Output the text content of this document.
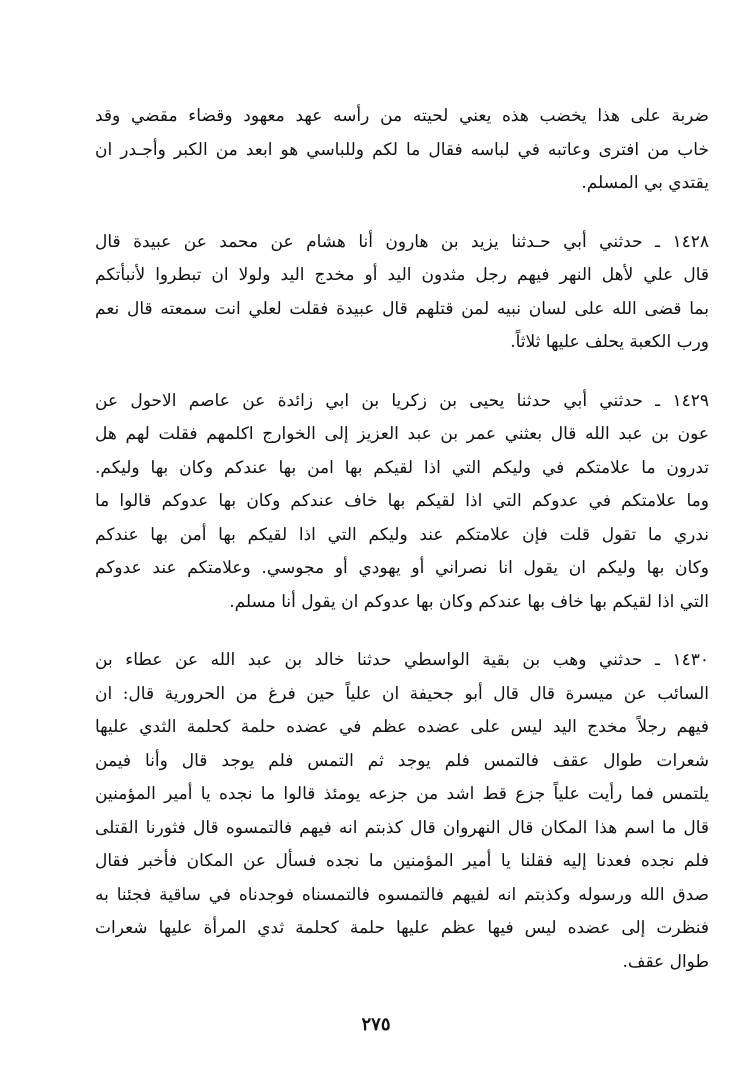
ضربة على هذا يخضب هذه يعني لحيته من رأسه عهد معهود وقضاء مقضي وقد
خاب من افترى وعاتبه في لباسه فقال ما لكم وللباسي هو ابعد من الكبر وأجـدر ان
يقتدي بي المسلم.
١٤٢٨ ـ حدثني أبي حـدثنا يزيد بن هارون أنا هشام عن محمد عن عبيدة قال
قال علي لأهل النهر فيهم رجل مثدون اليد أو مخدج اليد ولولا ان تبطروا لأنبأتكم
بما قضى الله على لسان نبيه لمن قتلهم قال عبيدة فقلت لعلي انت سمعته قال نعم
ورب الكعبة يحلف عليها ثلاثاً.
١٤٢٩ ـ حدثني أبي حدثنا يحيى بن زكريا بن ابي زائدة عن عاصم الاحول عن
عون بن عبد الله قال بعثني عمر بن عبد العزيز إلى الخوارج اكلمهم فقلت لهم هل
تدرون ما علامتكم في وليكم التي اذا لقيكم بها امن بها عندكم وكان بها وليكم.
وما علامتكم في عدوكم التي اذا لقيكم بها خاف عندكم وكان بها عدوكم قالوا ما
ندري ما تقول قلت فإن علامتكم عند وليكم التي اذا لقيكم بها أمن بها عندكم
وكان بها وليكم ان يقول انا نصراني أو يهودي أو مجوسي. وعلامتكم عند عدوكم
التي اذا لقيكم بها خاف بها عندكم وكان بها عدوكم ان يقول أنا مسلم.
١٤٣٠ ـ حدثني وهب بن بقية الواسطي حدثنا خالد بن عبد الله عن عطاء بن
السائب عن ميسرة قال قال أبو جحيفة ان علياً حين فرغ من الحرورية قال: ان
فيهم رجلاً مخدج اليد ليس على عضده عظم في عضده حلمة كحلمة الثدي عليها
شعرات طوال عقف فالتمس فلم يوجد ثم التمس فلم يوجد قال وأنا فيمن
يلتمس فما رأيت علياً جزع قط اشد من جزعه يومئذ قالوا ما نجده يا أمير المؤمنين
قال ما اسم هذا المكان قال النهروان قال كذبتم انه فيهم فالتمسوه قال فثورنا القتلى
فلم نجده فعدنا إليه فقلنا يا أمير المؤمنين ما نجده فسأل عن المكان فأخبر فقال
صدق الله ورسوله وكذبتم انه لفيهم فالتمسوه فالتمسناه فوجدناه في ساقية فجئنا به
فنظرت إلى عضده ليس فيها عظم عليها حلمة كحلمة ثدي المرأة عليها شعرات
طوال عقف.
٢٧٥
